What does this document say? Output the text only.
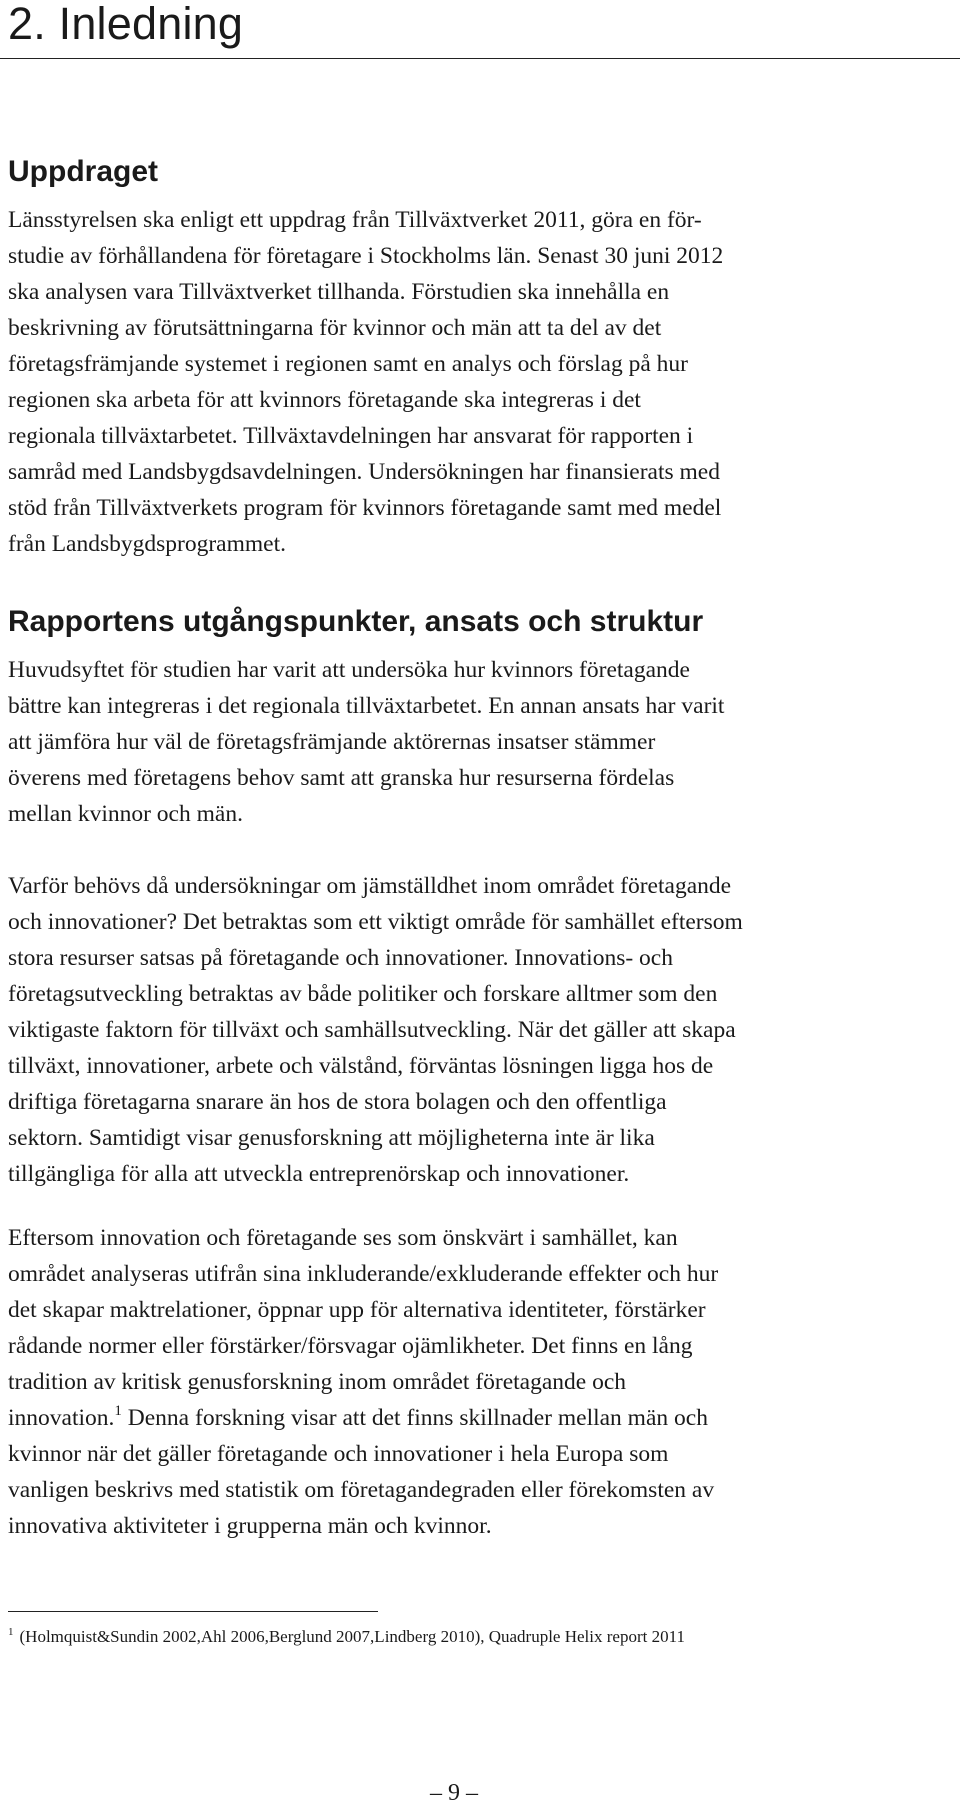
2. Inledning
Uppdraget

Länsstyrelsen ska enligt ett uppdrag från Tillväxtverket 2011, göra en för-
studie av förhållandena för företagare i Stockholms län. Senast 30 juni 2012
ska analysen vara Tillväxtverket tillhanda. Förstudien ska innehålla en
beskrivning av förutsättningarna för kvinnor och män att ta del av det
företagsfrämjande systemet i regionen samt en analys och förslag på hur
regionen ska arbeta för att kvinnors företagande ska integreras i det
regionala tillväxtarbetet. Tillväxtavdelningen har ansvarat för rapporten i
samråd med Landsbygdsavdelningen. Undersökningen har finansierats med
stöd från Tillväxtverkets program för kvinnors företagande samt med medel
från Landsbygdsprogrammet.

Rapportens utgångspunkter, ansats och struktur

Huvudsyftet för studien har varit att undersöka hur kvinnors företagande
bättre kan integreras i det regionala tillväxtarbetet. En annan ansats har varit
att jämföra hur väl de företagsfrämjande aktörernas insatser stämmer
överens med företagens behov samt att granska hur resurserna fördelas
mellan kvinnor och män.

Varför behövs då undersökningar om jämställdhet inom området företagande
och innovationer? Det betraktas som ett viktigt område för samhället eftersom
stora resurser satsas på företagande och innovationer. Innovations- och
företagsutveckling betraktas av både politiker och forskare alltmer som den
viktigaste faktorn för tillväxt och samhällsutveckling. När det gäller att skapa
tillväxt, innovationer, arbete och välstånd, förväntas lösningen ligga hos de
driftiga företagarna snarare än hos de stora bolagen och den offentliga
sektorn. Samtidigt visar genusforskning att möjligheterna inte är lika
tillgängliga för alla att utveckla entreprenörskap och innovationer.

Eftersom innovation och företagande ses som önskvärt i samhället, kan
området analyseras utifrån sina inkluderande/exkluderande effekter och hur
det skapar maktrelationer, öppnar upp för alternativa identiteter, förstärker
rådande normer eller förstärker/försvagar ojämlikheter. Det finns en lång
tradition av kritisk genusforskning inom området företagande och
innovation.$^1$ Denna forskning visar att det finns skillnader mellan män och
kvinnor när det gäller företagande och innovationer i hela Europa som
vanligen beskrivs med statistik om företagandegraden eller förekomsten av
innovativa aktiviteter i grupperna män och kvinnor.

$^1$ (Holmquist&Sundin 2002,Ahl 2006,Berglund 2007,Lindberg 2010), Quadruple Helix report 2011

– 9 –
